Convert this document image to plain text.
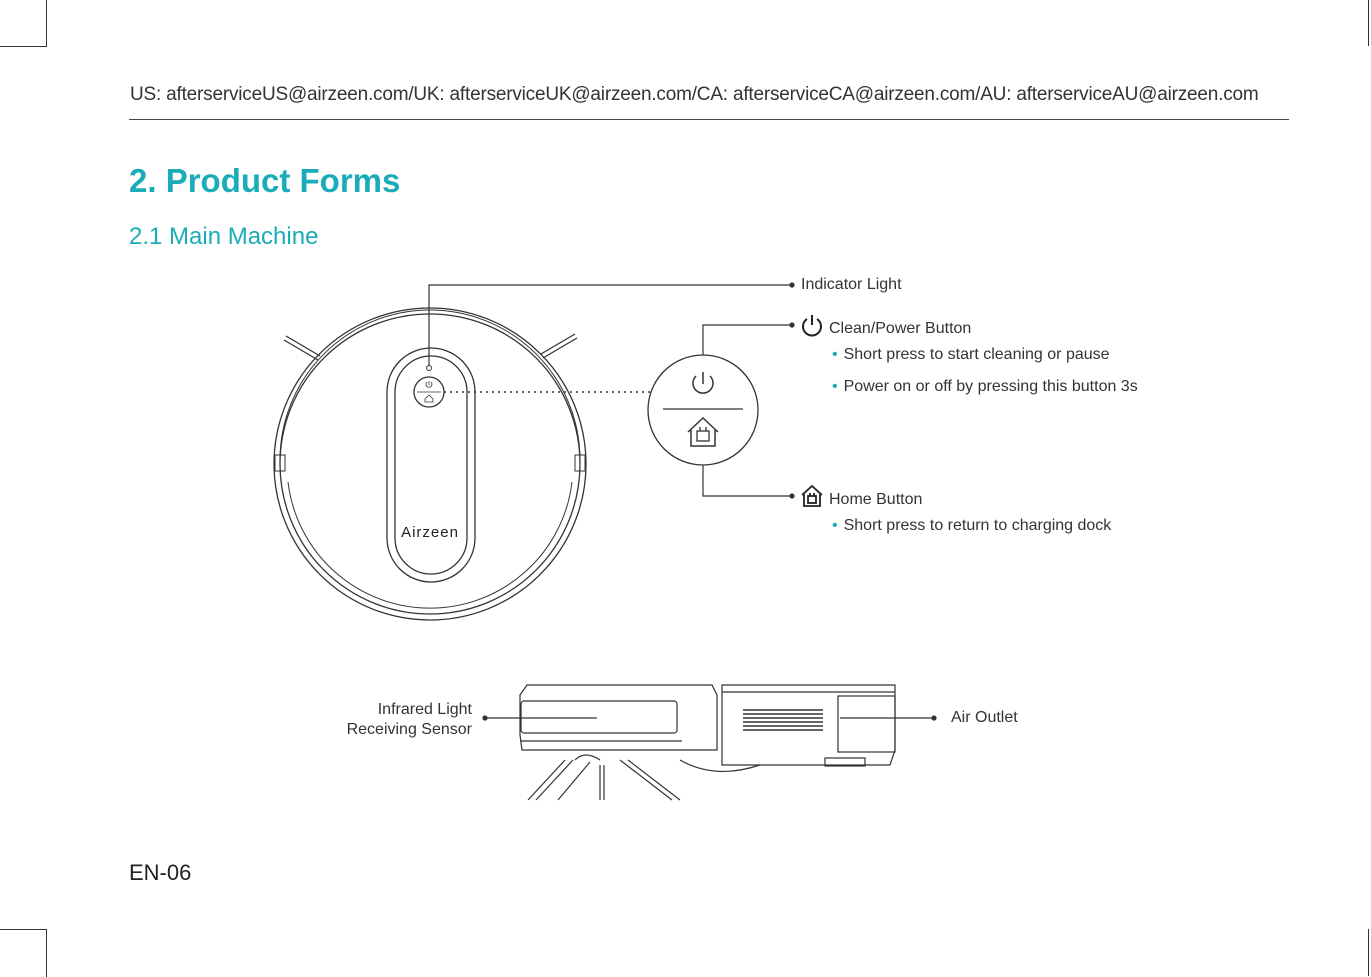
US: afterserviceUS@airzeen.com/UK: afterserviceUK@airzeen.com/CA: afterserviceCA@airzeen.com/AU: afterserviceAU@airzeen.com
2. Product Forms
2.1 Main Machine
Airzeen
Indicator Light
Clean/Power Button
• Short press to start cleaning or pause
• Power on or off by pressing this button 3s
Home Button
• Short press to return to charging dock
Infrared Light
Receiving Sensor
Air Outlet
EN-06
